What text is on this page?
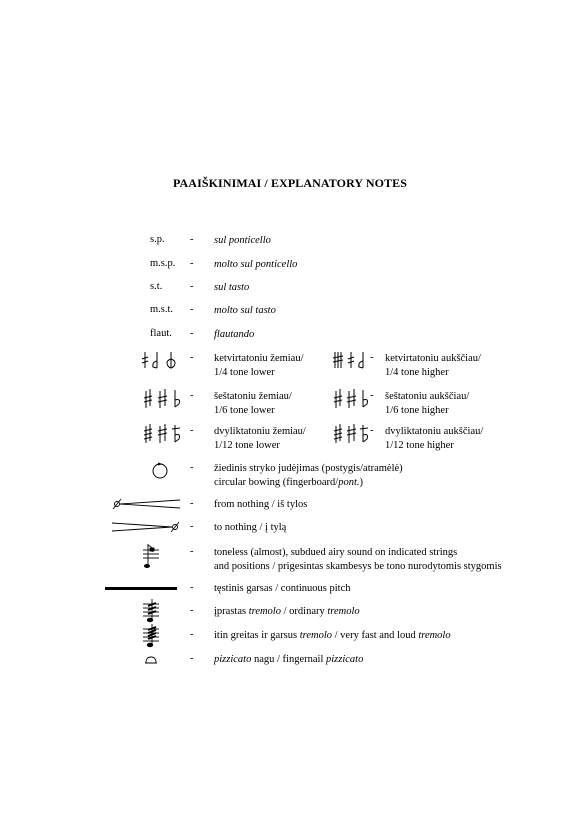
PAAIŠKINIMAI / EXPLANATORY NOTES
s.p. - sul ponticello
m.s.p. - molto sul ponticello
s.t.	- sul tasto
m.s.t. - molto sul tasto
flaut. - flautando
- ketvirtatoniu žemiau/
1/4 tone lower
- ketvirtatoniu aukščiau/
1/4 tone higher
- šeštatoniu žemiau/
1/6 tone lower
- šeštatoniu aukščiau/
1/6 tone higher
- dvyliktatoniu žemiau/
1/12 tone lower
- dvyliktatoniu aukščiau/
1/12 tone higher
- žiedinis stryko judėjimas (postygis/atramėlė)
circular bowing (fingerboard/pont.)
- from nothing / iš tylos
- to nothing / į tylą
- toneless (almost), subdued airy sound on indicated strings
and positions / prigesintas skambesys be tono nurodytomis stygomis
- tęstinis garsas / continuous pitch
- įprastas tremolo / ordinary tremolo
- itin greitas ir garsus tremolo / very fast and loud tremolo
- pizzicato nagu / fingernail pizzicato
